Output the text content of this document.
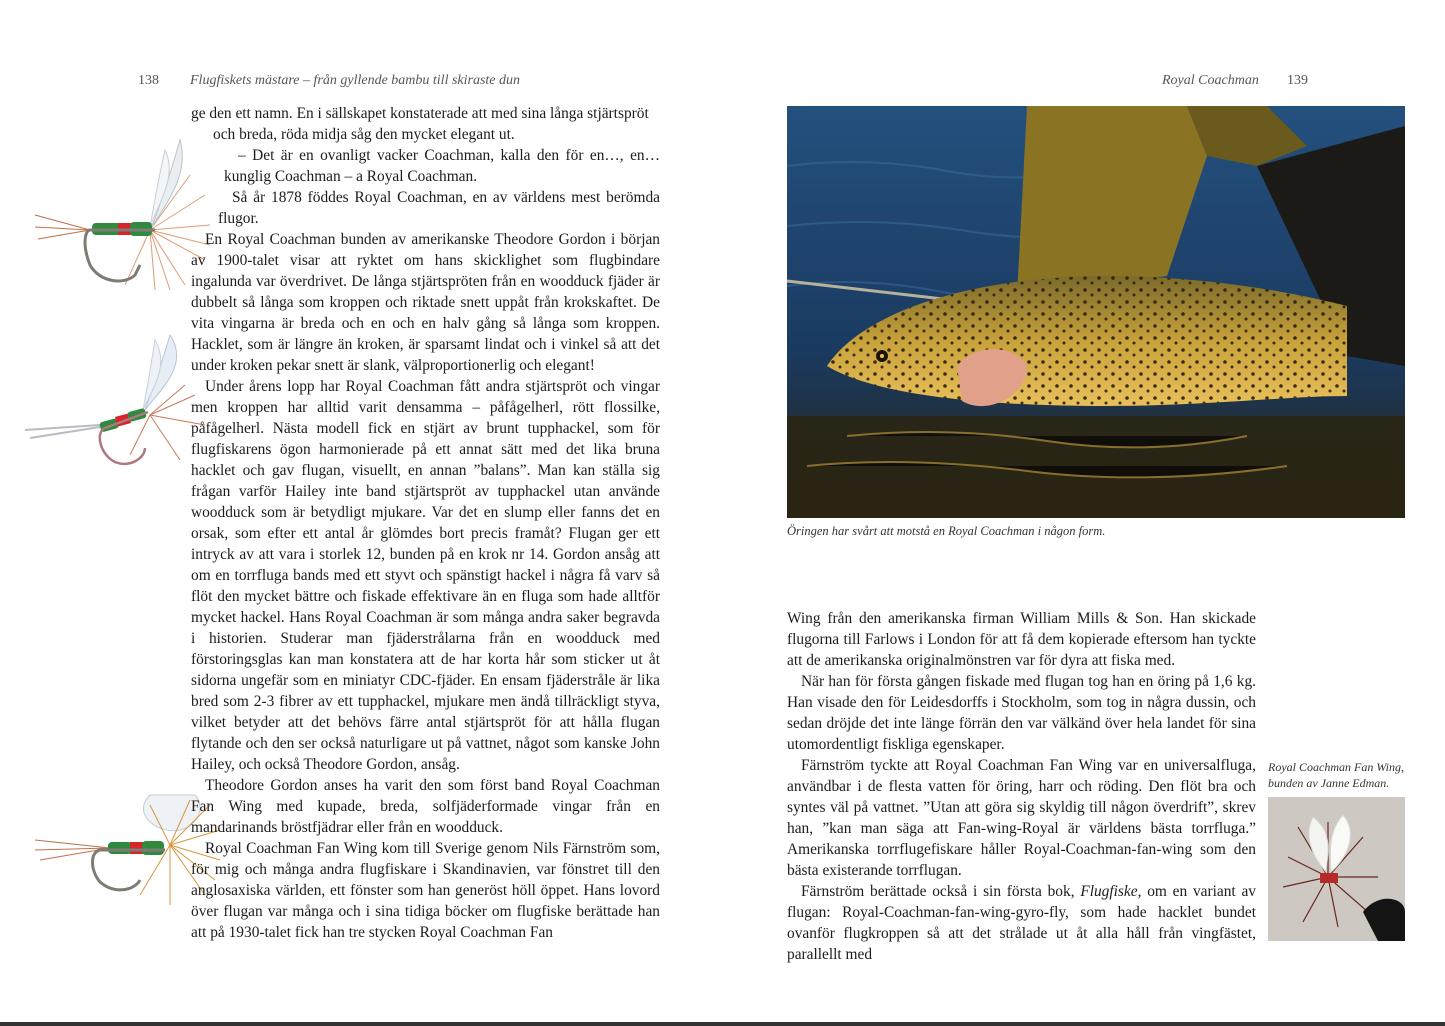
138 Flugfiskets mästare – från gyllende bambu till skiraste dun	Royal Coachman 139

ge den ett namn. En i sällskapet konstaterade att med sina långa stjärtspröt

och breda, röda midja såg den mycket elegant ut.

– Det är en ovanligt vacker Coachman, kalla den för en…, en… kunglig Coachman – a Royal Coachman.

Så år 1878 föddes Royal Coachman, en av världens mest berömda flugor.

En Royal Coachman bunden av amerikanske Theodore Gordon i början av 1900-talet visar att ryktet om hans skicklighet som flugbindare ingalunda var överdrivet. De långa stjärtspröten från en woodduck fjäder är dubbelt så långa som kroppen och riktade snett uppåt från krokskaftet. De vita vingarna är breda och en och en halv gång så långa som kroppen. Hacklet, som är längre än kroken, är sparsamt lindat och i vinkel så att det under kroken pekar snett är slank, välproportionerlig och elegant!

Under årens lopp har Royal Coachman fått andra stjärtspröt och vingar men kroppen har alltid varit densamma – påfågelherl, rött flossilke, påfågelherl. Nästa modell fick en stjärt av brunt tupphackel, som för flugfiskarens ögon harmonierade på ett annat sätt med det lika bruna hacklet och gav flugan, visuellt, en annan ”balans”. Man kan ställa sig frågan varför Hailey inte band stjärtspröt av tupphackel utan använde woodduck som är betydligt mjukare. Var det en slump eller fanns det en orsak, som efter ett antal år glömdes bort precis framåt? Flugan ger ett intryck av att vara i storlek 12, bunden på en krok nr 14. Gordon ansåg att om en torrfluga bands med ett styvt och spänstigt hackel i några få varv så flöt den mycket bättre och fiskade effektivare än en fluga som hade alltför mycket hackel. Hans Royal Coachman är som många andra saker begravda i historien. Studerar man fjäderstrålarna från en woodduck med förstoringsglas kan man konstatera att de har korta hår som sticker ut åt sidorna ungefär som en miniatyr CDC-fjäder. En ensam fjäderstråle är lika bred som 2-3 fibrer av ett tupphackel, mjukare men ändå tillräckligt styva, vilket betyder att det behövs färre antal stjärtspröt för att hålla flugan flytande och den ser också naturligare ut på vattnet, något som kanske John Hailey, och också Theodore Gordon, ansåg.

Theodore Gordon anses ha varit den som först band Royal Coachman Fan Wing med kupade, breda, solfjäderformade vingar från en mandarinands bröstfjädrar eller från en woodduck.

Royal Coachman Fan Wing kom till Sverige genom Nils Färnström som, för mig och många andra flugfiskare i Skandinavien, var fönstret till den anglosaxiska världen, ett fönster som han generöst höll öppet. Hans lovord över flugan var många och i sina tidiga böcker om flugfiske berättade han att på 1930-talet fick han tre stycken Royal Coachman Fan

Öringen har svårt att motstå en Royal Coachman i någon form.

Wing från den amerikanska firman William Mills & Son. Han skickade flugorna till Farlows i London för att få dem kopierade eftersom han tyckte att de amerikanska originalmönstren var för dyra att fiska med.

När han för första gången fiskade med flugan tog han en öring på 1,6 kg. Han visade den för Leidesdorffs i Stockholm, som tog in några dussin, och sedan dröjde det inte länge förrän den var välkänd över hela landet för sina utomordentligt fiskliga egenskaper.

Färnström tyckte att Royal Coachman Fan Wing var en universalfluga, användbar i de flesta vatten för öring, harr och röding. Den flöt bra och syntes väl på vattnet. ”Utan att göra sig skyldig till någon överdrift”, skrev han, ”kan man säga att Fan-wing-Royal är världens bästa torrfluga.” Amerikanska torrflugefiskare håller Royal-Coachman-fan-wing som den bästa existerande torrflugan.

Färnström berättade också i sin första bok, Flugfiske, om en variant av flugan: Royal-Coachman-fan-wing-gyro-fly, som hade hacklet bundet ovanför flugkroppen så att det strålade ut åt alla håll från vingfästet, parallellt med

Royal Coachman Fan Wing, bunden av Janne Edman.
